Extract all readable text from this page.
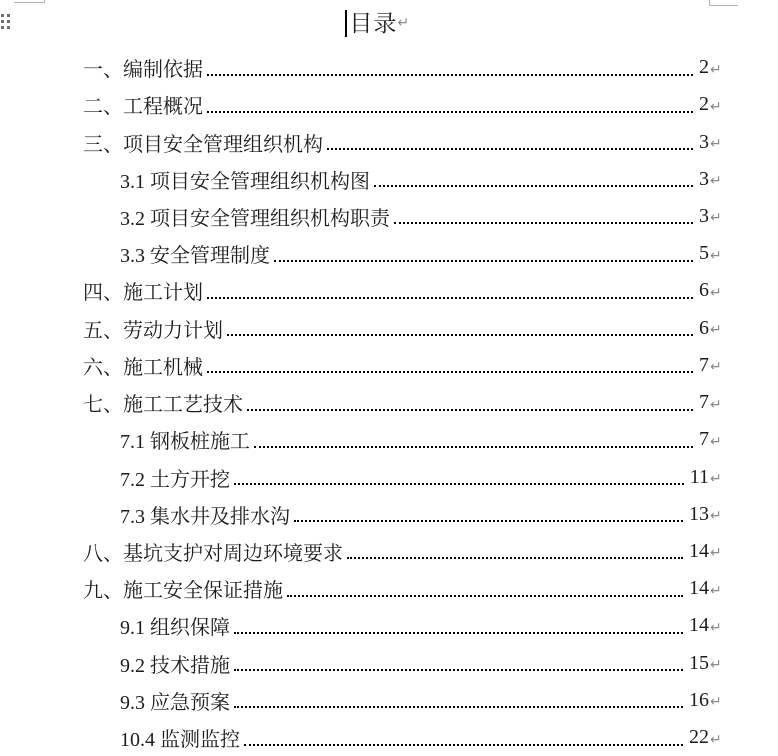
目录 ↵
一、编制依据	2 ↵
二、工程概况	2 ↵
三、项目安全管理组织机构	3 ↵
3.1 项目安全管理组织机构图	3 ↵
3.2 项目安全管理组织机构职责	3 ↵
3.3 安全管理制度	5 ↵
四、施工计划	6 ↵
五、劳动力计划	6 ↵
六、施工机械	7 ↵
七、施工工艺技术	7 ↵
7.1 钢板桩施工	7 ↵
7.2 土方开挖	11 ↵
7.3 集水井及排水沟	13 ↵
八、基坑支护对周边环境要求	14 ↵
九、施工安全保证措施	14 ↵
9.1 组织保障	14 ↵
9.2 技术措施	15 ↵
9.3 应急预案	16 ↵
10.4 监测监控	22 ↵
